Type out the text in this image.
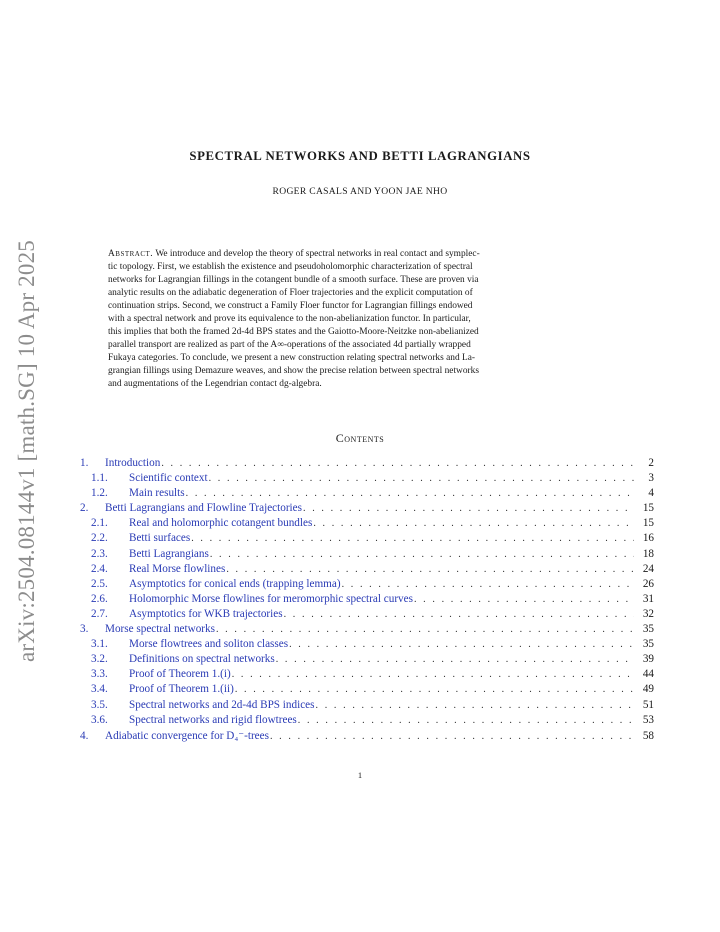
arXiv:2504.08144v1 [math.SG] 10 Apr 2025
SPECTRAL NETWORKS AND BETTI LAGRANGIANS
ROGER CASALS AND YOON JAE NHO
Abstract. We introduce and develop the theory of spectral networks in real contact and symplec-
tic topology. First, we establish the existence and pseudoholomorphic characterization of spectral
networks for Lagrangian fillings in the cotangent bundle of a smooth surface. These are proven via
analytic results on the adiabatic degeneration of Floer trajectories and the explicit computation of
continuation strips. Second, we construct a Family Floer functor for Lagrangian fillings endowed
with a spectral network and prove its equivalence to the non-abelianization functor. In particular,
this implies that both the framed 2d-4d BPS states and the Gaiotto-Moore-Neitzke non-abelianized
parallel transport are realized as part of the A∞-operations of the associated 4d partially wrapped
Fukaya categories. To conclude, we present a new construction relating spectral networks and La-
grangian fillings using Demazure weaves, and show the precise relation between spectral networks
and augmentations of the Legendrian contact dg-algebra.
Contents
1.	Introduction . . .	2
1.1.	Scientific context . . .	3
1.2.	Main results . . .	4
2.	Betti Lagrangians and Flowline Trajectories . . .	15
2.1.	Real and holomorphic cotangent bundles . . .	15
2.2.	Betti surfaces . . .	16
2.3.	Betti Lagrangians . . .	18
2.4.	Real Morse flowlines . . .	24
2.5.	Asymptotics for conical ends (trapping lemma) . . .	26
2.6.	Holomorphic Morse flowlines for meromorphic spectral curves . . .	31
2.7.	Asymptotics for WKB trajectories . . .	32
3.	Morse spectral networks . . .	35
3.1.	Morse flowtrees and soliton classes . . .	35
3.2.	Definitions on spectral networks . . .	39
3.3.	Proof of Theorem 1.(i) . . .	44
3.4.	Proof of Theorem 1.(ii) . . .	49
3.5.	Spectral networks and 2d-4d BPS indices . . .	51
3.6.	Spectral networks and rigid flowtrees . . .	53
4.	Adiabatic convergence for D₄⁻-trees . . .	58
1
